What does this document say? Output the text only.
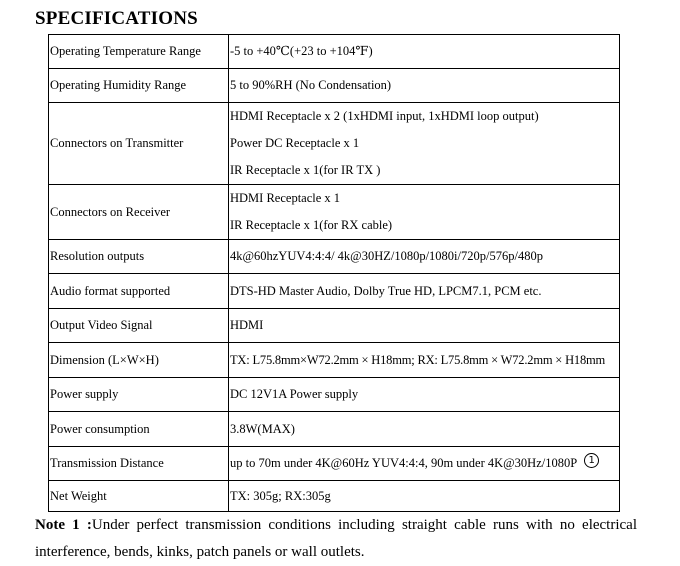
SPECIFICATIONS
Operating Temperature Range	-5 to +40℃(+23 to +104℉)

Operating Humidity Range	5 to 90%RH (No Condensation)

Connectors on Transmitter	HDMI Receptacle x 2 (1xHDMI input, 1xHDMI loop output)
Power DC Receptacle x 1
IR Receptacle x 1(for IR TX )

Connectors on Receiver	HDMI Receptacle x 1
IR Receptacle x 1(for RX cable)

Resolution outputs	4k@60hzYUV4:4:4/ 4k@30HZ/1080p/1080i/720p/576p/480p

Audio format supported	DTS-HD Master Audio, Dolby True HD, LPCM7.1, PCM etc.

Output Video Signal	HDMI

Dimension (L×W×H)	TX: L75.8mm×W72.2mm × H18mm; RX: L75.8mm × W72.2mm × H18mm

Power supply	DC 12V1A Power supply

Power consumption	3.8W(MAX)

Transmission Distance	up to 70m under 4K@60Hz YUV4:4:4, 90m under 4K@30Hz/1080P 1

Net Weight	TX: 305g; RX:305g
Note 1 :Under perfect transmission conditions including straight cable runs with no electrical interference, bends, kinks, patch panels or wall outlets.
